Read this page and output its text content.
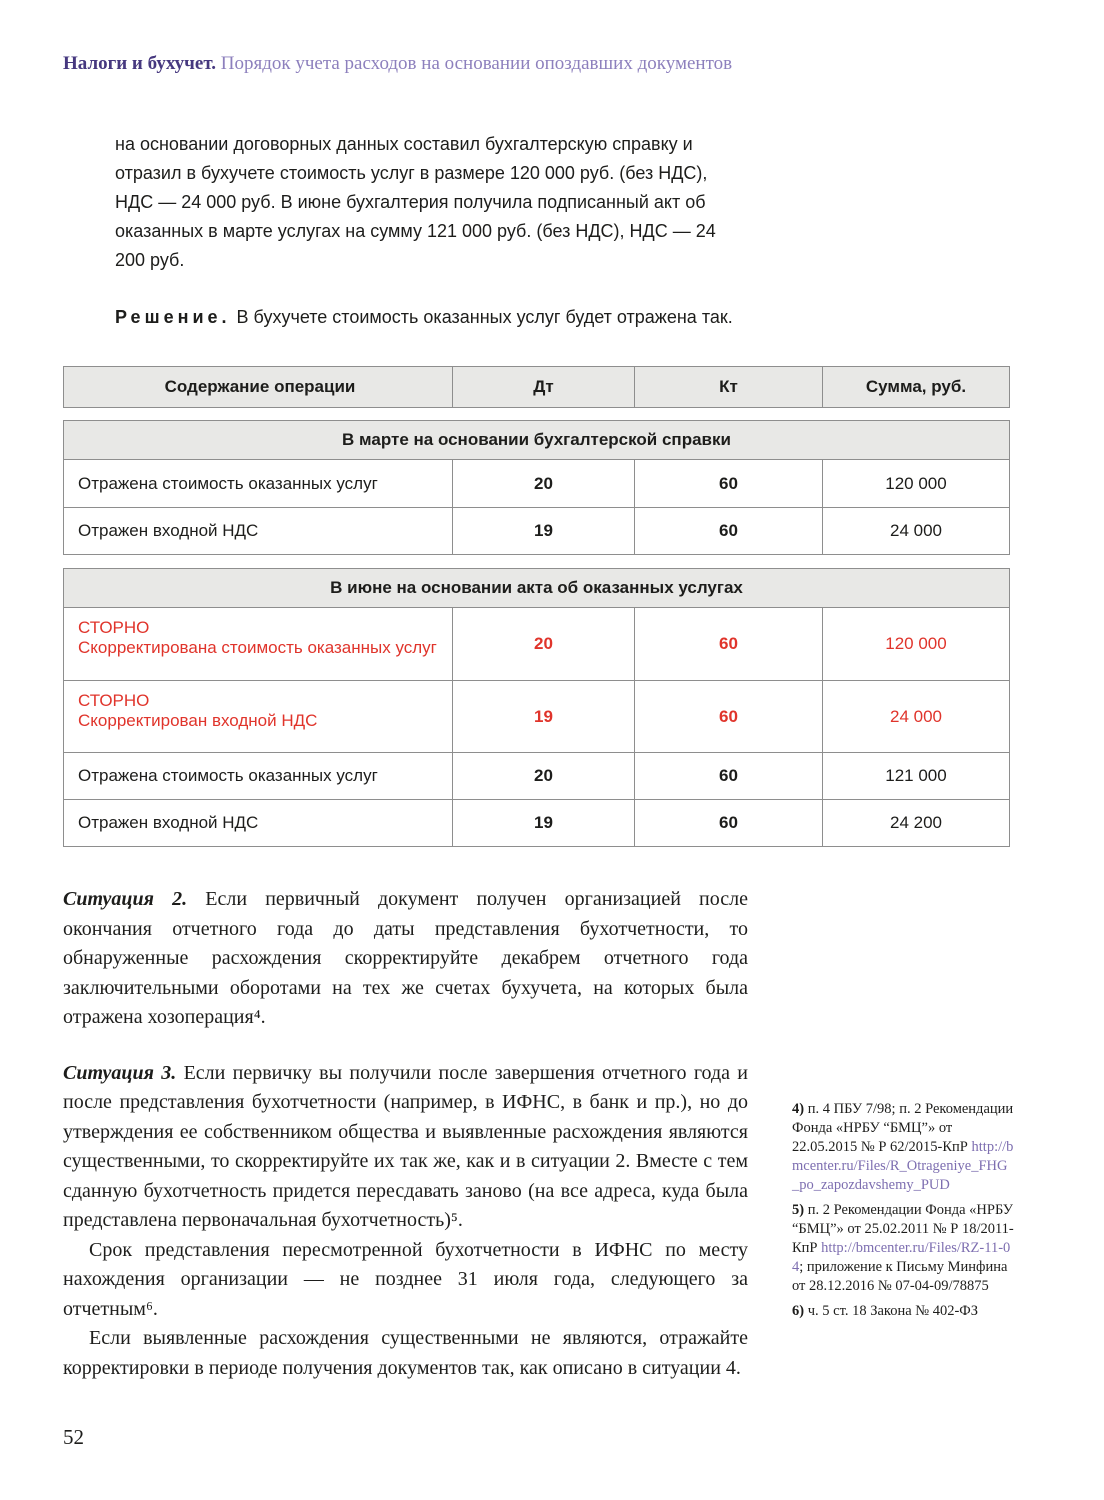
Налоги и бухучет. Порядок учета расходов на основании опоздавших документов

на основании договорных данных составил бухгалтерскую справку и отразил в бухучете стоимость услуг в размере 120 000 руб. (без НДС), НДС — 24 000 руб. В июне бухгалтерия получила подписанный акт об оказанных в марте услугах на сумму 121 000 руб. (без НДС), НДС — 24 200 руб.

Решение. В бухучете стоимость оказанных услуг будет отражена так.

Содержание операции	Дт	Кт	Сумма, руб.
В марте на основании бухгалтерской справки
Отражена стоимость оказанных услуг	20	60	120 000
Отражен входной НДС	19	60	24 000
В июне на основании акта об оказанных услугах
СТОРНО
Скорректирована стоимость оказанных услуг	20	60	120 000
СТОРНО
Скорректирован входной НДС	19	60	24 000
Отражена стоимость оказанных услуг	20	60	121 000
Отражен входной НДС	19	60	24 200

Ситуация 2. Если первичный документ получен организацией после окончания отчетного года до даты представления бухотчетности, то обнаруженные расхождения скорректируйте декабрем отчетного года заключительными оборотами на тех же счетах бухучета, на которых была отражена хозоперация⁴.

Ситуация 3. Если первичку вы получили после завершения отчетного года и после представления бухотчетности (например, в ИФНС, в банк и пр.), но до утверждения ее собственником общества и выявленные расхождения являются существенными, то скорректируйте их так же, как и в ситуации 2. Вместе с тем сданную бухотчетность придется пересдавать заново (на все адреса, куда была представлена первоначальная бухотчетность)⁵.

Срок представления пересмотренной бухотчетности в ИФНС по месту нахождения организации — не позднее 31 июля года, следующего за отчетным⁶.

Если выявленные расхождения существенными не являются, отражайте корректировки в периоде получения документов так, как описано в ситуации 4.

4) п. 4 ПБУ 7/98; п. 2 Рекомендации Фонда «НРБУ “БМЦ”» от 22.05.2015 № Р 62/2015-КпР http://bmcenter.ru/Files/R_Otrageniye_FHG_po_zapozdavshemy_PUD
5) п. 2 Рекомендации Фонда «НРБУ “БМЦ”» от 25.02.2011 № Р 18/2011-КпР http://bmcenter.ru/Files/RZ-11-04; приложение к Письму Минфина от 28.12.2016 № 07-04-09/78875
6) ч. 5 ст. 18 Закона № 402-ФЗ
52
